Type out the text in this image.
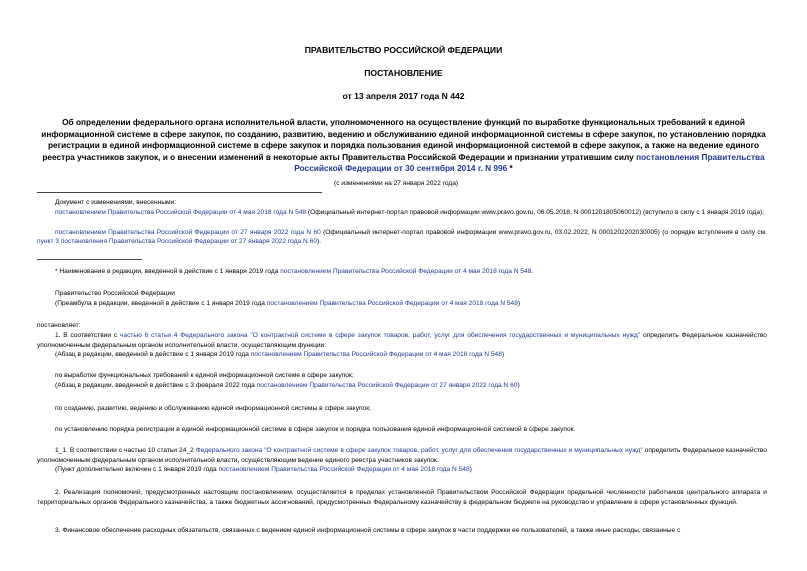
ПРАВИТЕЛЬСТВО РОССИЙСКОЙ ФЕДЕРАЦИИ
ПОСТАНОВЛЕНИЕ
от 13 апреля 2017 года N 442
Об определении федерального органа исполнительной власти, уполномоченного на осуществление функций по выработке функциональных требований к единой информационной системе в сфере закупок, по созданию, развитию, ведению и обслуживанию единой информационной системы в сфере закупок, по установлению порядка регистрации в единой информационной системе в сфере закупок и порядка пользования единой информационной системой в сфере закупок, а также на ведение единого реестра участников закупок, и о внесении изменений в некоторые акты Правительства Российской Федерации и признании утратившим силу постановления Правительства Российской Федерации от 30 сентября 2014 г. N 996 *
(с изменениями на 27 января 2022 года)
Документ с изменениями, внесенными:
постановлением Правительства Российской Федерации от 4 мая 2018 года N 548 (Официальный интернет-портал правовой информации www.pravo.gov.ru, 06.05.2018, N 0001201805060012) (вступило в силу с 1 января 2019 года);
постановлением Правительства Российской Федерации от 27 января 2022 года N 60 (Официальный интернет-портал правовой информации www.pravo.gov.ru, 03.02.2022, N 0001202202030005) (о порядке вступления в силу см. пункт 3 постановления Правительства Российской Федерации от 27 января 2022 года N 60).
* Наименование в редакции, введенной в действие с 1 января 2019 года постановлением Правительства Российской Федерации от 4 мая 2018 года N 548.
Правительство Российской Федерации
(Преамбула в редакции, введенной в действие с 1 января 2019 года постановлением Правительства Российской Федерации от 4 мая 2018 года N 548)
постановляет:
1. В соответствии с частью 6 статьи 4 Федерального закона "О контрактной системе в сфере закупок товаров, работ, услуг для обеспечения государственных и муниципальных нужд" определить Федеральное казначейство уполномоченным федеральным органом исполнительной власти, осуществляющим функции:
(Абзац в редакции, введенной в действие с 1 января 2019 года постановлением Правительства Российской Федерации от 4 мая 2018 года N 548)
по выработке функциональных требований к единой информационной системе в сфере закупок;
(Абзац в редакции, введенной в действие с 3 февраля 2022 года постановлением Правительства Российской Федерации от 27 января 2022 года N 60)
по созданию, развитию, ведению и обслуживанию единой информационной системы в сфере закупок;
по установлению порядка регистрации в единой информационной системе в сфере закупок и порядка пользования единой информационной системой в сфере закупок.
1_1. В соответствии с частью 10 статьи 24_2 Федерального закона "О контрактной системе в сфере закупок товаров, работ, услуг для обеспечения государственных и муниципальных нужд" определить Федеральное казначейство уполномоченным федеральным органом исполнительной власти, осуществляющим ведение единого реестра участников закупок.
(Пункт дополнительно включен с 1 января 2019 года постановлением Правительства Российской Федерации от 4 мая 2018 года N 548)
2. Реализация полномочий, предусмотренных настоящим постановлением, осуществляется в пределах установленной Правительством Российской Федерации предельной численности работников центрального аппарата и территориальных органов Федерального казначейства, а также бюджетных ассигнований, предусмотренных Федеральному казначейству в федеральном бюджете на руководство и управление в сфере установленных функций.
3. Финансовое обеспечение расходных обязательств, связанных с ведением единой информационной системы в сфере закупок в части поддержки ее пользователей, а также иные расходы, связанные с
